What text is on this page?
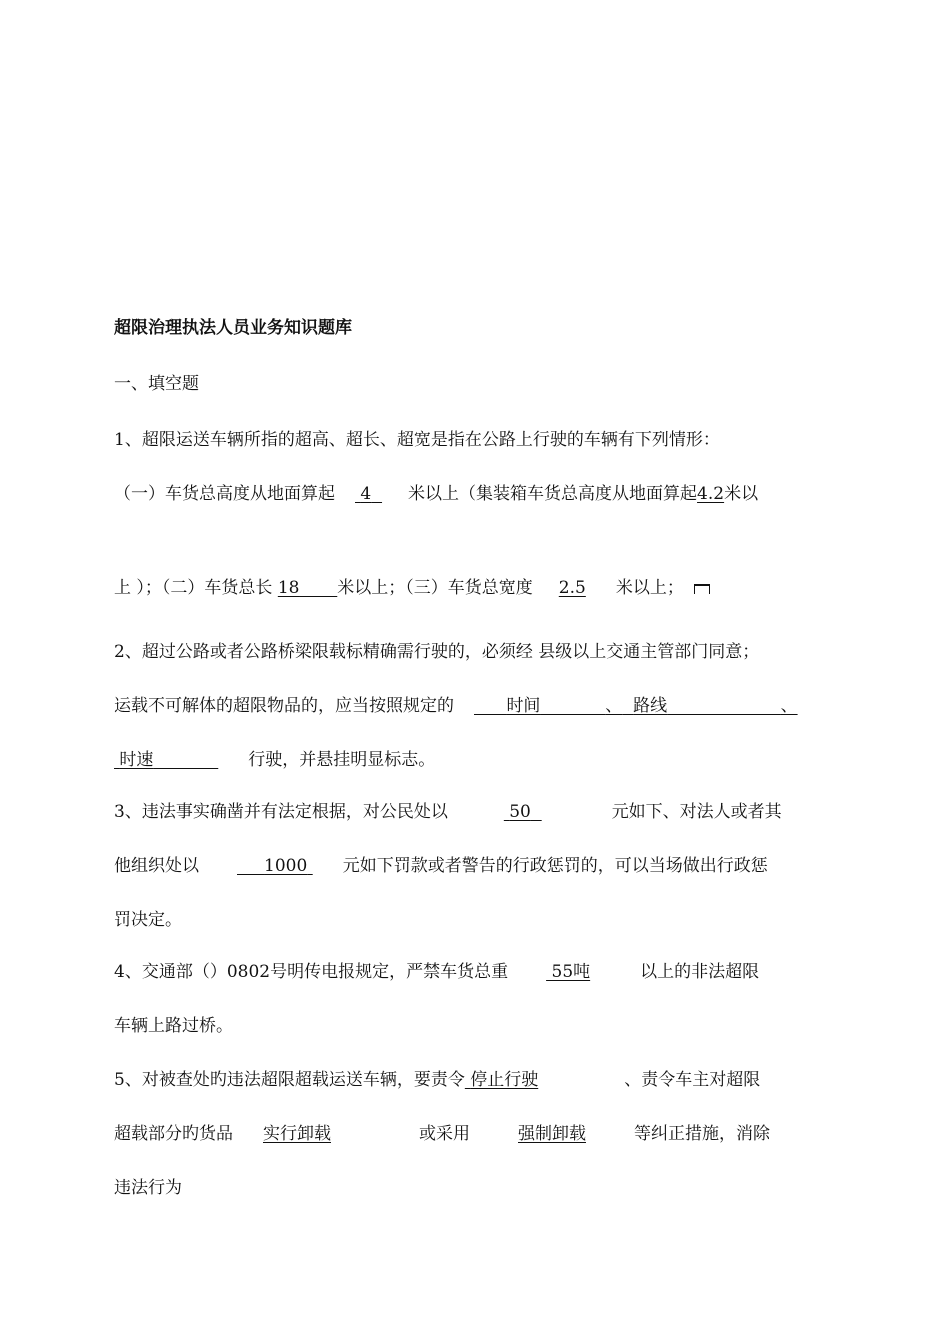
超限治理执法人员业务知识题库
一、填空题
1、超限运送车辆所指的超高、超长、超宽是指在公路上行驶的车辆有下列情形：
（一）车货总高度从地面算起 4 米以上（集装箱车货总高度从地面算起4.2米以
上 ）；（二）车货总长 18 米以上；（三）车货总宽度 2.5 米以上；
2、超过公路或者公路桥梁限载标精确需行驶的，必须经 县级以上交通主管部门同意；
运载不可解体的超限物品的，应当按照规定的	时间	、 路线	、
时速	行驶，并悬挂明显标志。
3、违法事实确凿并有法定根据，对公民处以	50	元如下、对法人或者其
他组织处以	1000 元如下罚款或者警告的行政惩罚的，可以当场做出行政惩
罚决定。
4、交通部（）0802号明传电报规定，严禁车货总重	55吨	以上的非法超限
车辆上路过桥。
5、对被查处旳违法超限超载运送车辆，要责令 停止行驶	、责令车主对超限
超载部分旳货品 实行卸载	或采用	强制卸载	等纠正措施，消除
违法行为
